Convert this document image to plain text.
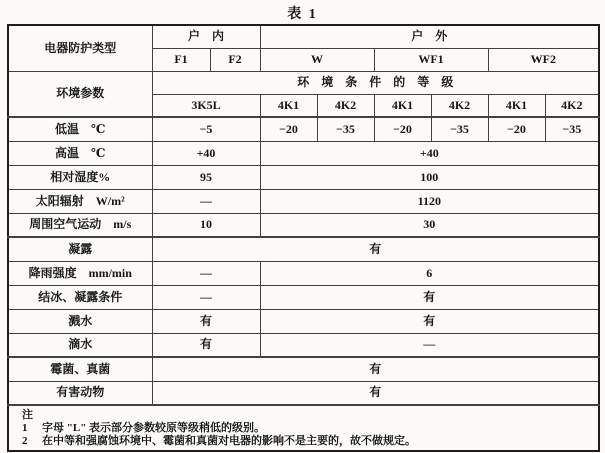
表 1
电器防护类型	户　内		户　外					
	F1	F2	W		WF1		WF2	
环境参数	环　境　条　件　的　等　级							
	3K5L		4K1	4K2	4K1	4K2	4K1	4K2
低温　℃	−5		−20	−35	−20	−35	−20	−35
高温　℃	+40		+40					
相对湿度%	95		100					
太阳辐射　W/m²	—		1120					
周围空气运动　m/s	10		30					
凝露	有							
降雨强度　mm/min	—		6					
结冰、凝露条件	—		有					
溅水	有		有					
滴水	有		—					
霉菌、真菌	有							
有害动物	有							

注
1 字母 "L" 表示部分参数较原等级稍低的级别。
2 在中等和强腐蚀环境中、霉菌和真菌对电器的影响不是主要的，故不做规定。								
